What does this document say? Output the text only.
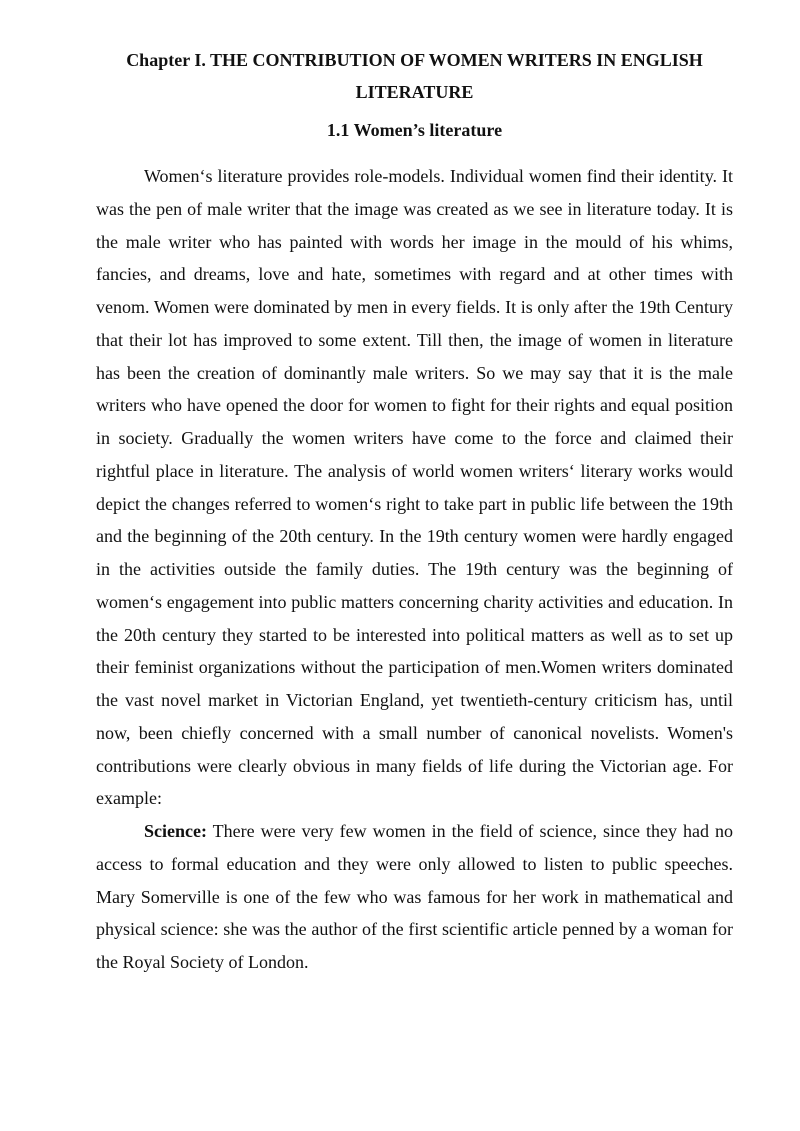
Chapter I. THE CONTRIBUTION OF WOMEN WRITERS IN ENGLISH LITERATURE
1.1 Women’s literature

Women‘s literature provides role-models. Individual women find their identity. It was the pen of male writer that the image was created as we see in literature today. It is the male writer who has painted with words her image in the mould of his whims, fancies, and dreams, love and hate, sometimes with regard and at other times with venom. Women were dominated by men in every fields. It is only after the 19th Century that their lot has improved to some extent. Till then, the image of women in literature has been the creation of dominantly male writers. So we may say that it is the male writers who have opened the door for women to fight for their rights and equal position in society. Gradually the women writers have come to the force and claimed their rightful place in literature. The analysis of world women writers‘ literary works would depict the changes referred to women‘s right to take part in public life between the 19th and the beginning of the 20th century. In the 19th century women were hardly engaged in the activities outside the family duties. The 19th century was the beginning of women‘s engagement into public matters concerning charity activities and education. In the 20th century they started to be interested into political matters as well as to set up their feminist organizations without the participation of men.Women writers dominated the vast novel market in Victorian England, yet twentieth-century criticism has, until now, been chiefly concerned with a small number of canonical novelists. Women's contributions were clearly obvious in many fields of life during the Victorian age. For example:

Science: There were very few women in the field of science, since they had no access to formal education and they were only allowed to listen to public speeches. Mary Somerville is one of the few who was famous for her work in mathematical and physical science: she was the author of the first scientific article penned by a woman for the Royal Society of London.
